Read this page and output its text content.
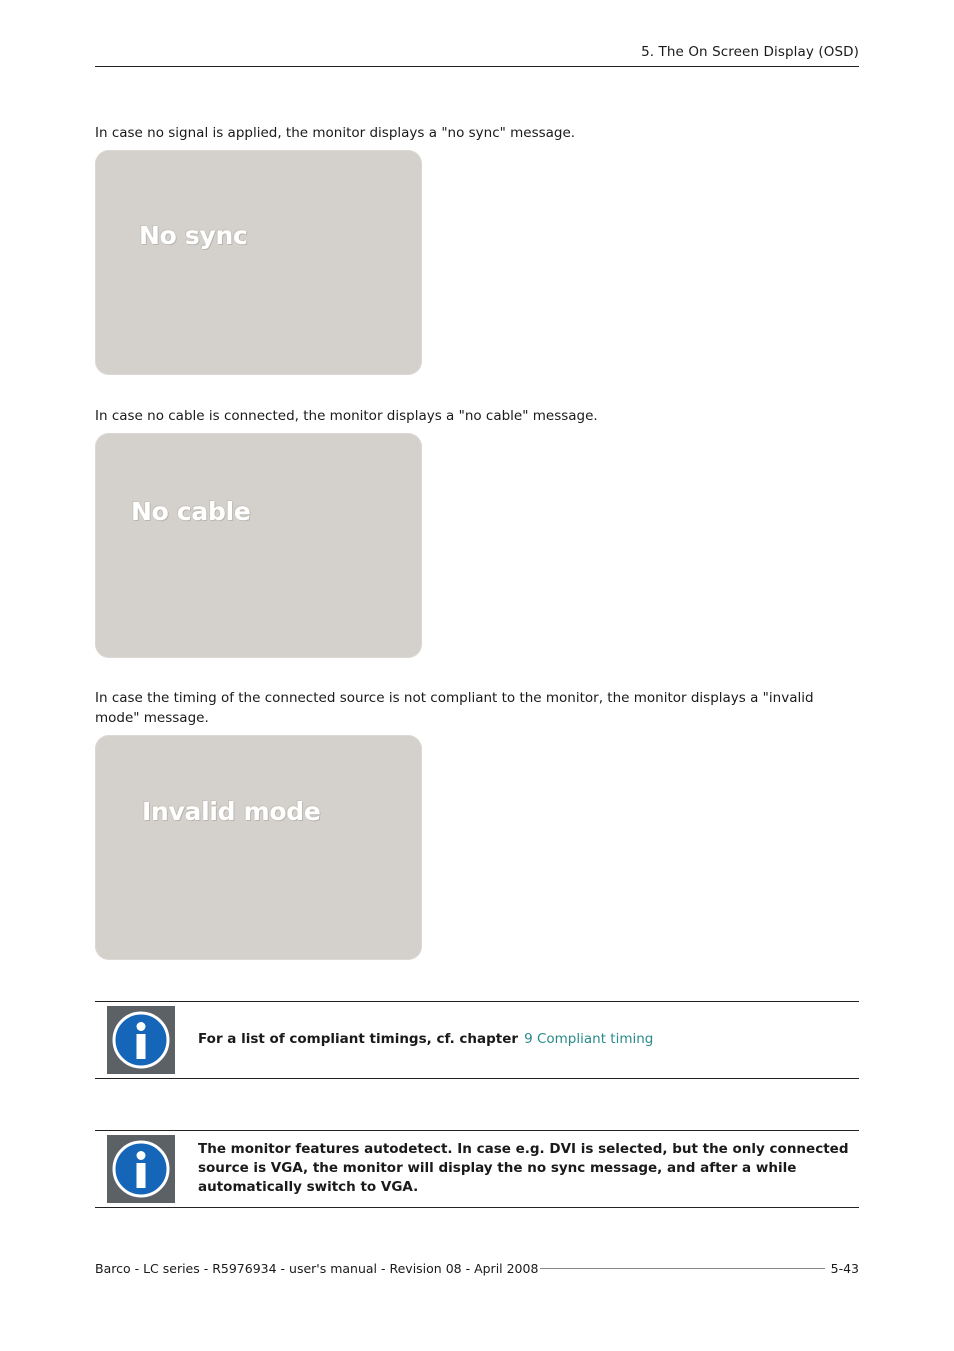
5. The On Screen Display (OSD)

In case no signal is applied, the monitor displays a "no sync" message.

No sync

In case no cable is connected, the monitor displays a "no cable" message.

No cable

In case the timing of the connected source is not compliant to the monitor, the monitor displays a "invalid mode" message.

Invalid mode
For a list of compliant timings, cf. chapter 9 Compliant timing
The monitor features autodetect. In case e.g. DVI is selected, but the only connected source is VGA, the monitor will display the no sync message, and after a while automatically switch to VGA.
Barco - LC series - R5976934 - user's manual - Revision 08 - April 2008	5-43
